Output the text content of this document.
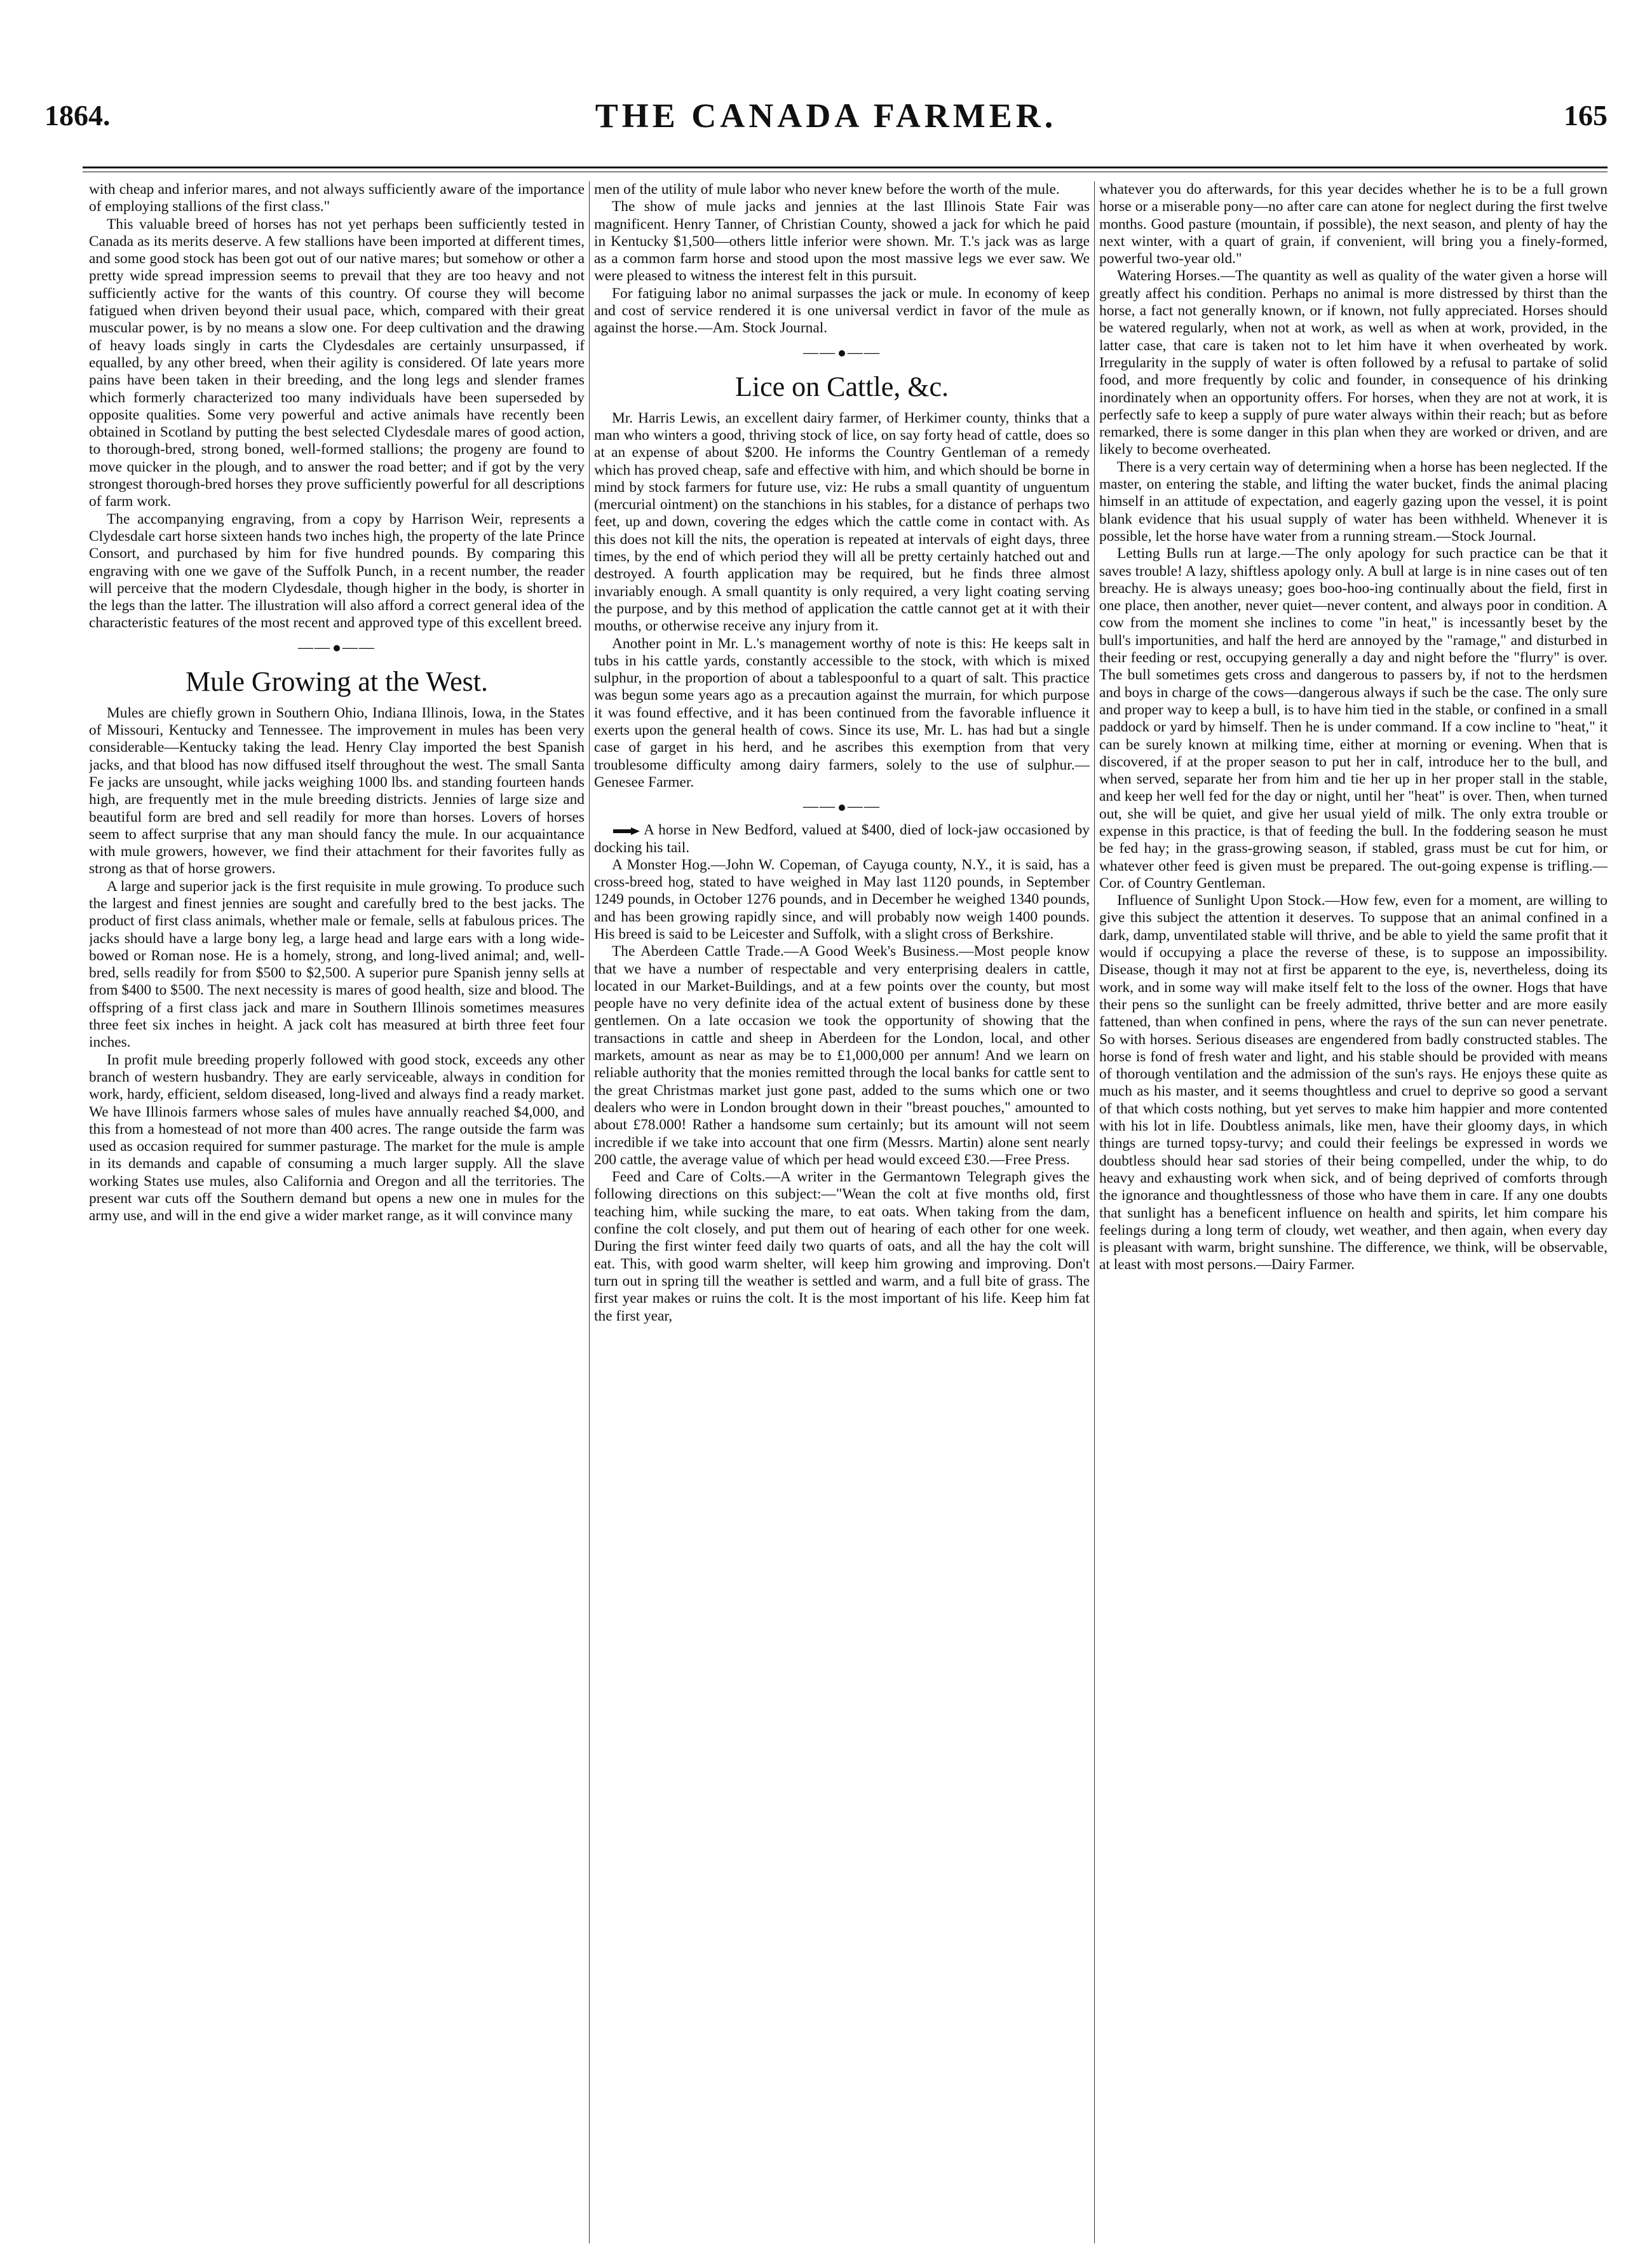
1864.	THE CANADA FARMER.	165

with cheap and inferior mares, and not always sufficiently aware of the importance of employing stallions of the first class."

This valuable breed of horses has not yet perhaps been sufficiently tested in Canada as its merits deserve. A few stallions have been imported at different times, and some good stock has been got out of our native mares; but somehow or other a pretty wide spread impression seems to prevail that they are too heavy and not sufficiently active for the wants of this country. Of course they will become fatigued when driven beyond their usual pace, which, compared with their great muscular power, is by no means a slow one. For deep cultivation and the drawing of heavy loads singly in carts the Clydesdales are certainly unsurpassed, if equalled, by any other breed, when their agility is considered. Of late years more pains have been taken in their breeding, and the long legs and slender frames which formerly characterized too many individuals have been superseded by opposite qualities. Some very powerful and active animals have recently been obtained in Scotland by putting the best selected Clydesdale mares of good action, to thorough-bred, strong boned, well-formed stallions; the progeny are found to move quicker in the plough, and to answer the road better; and if got by the very strongest thorough-bred horses they prove sufficiently powerful for all descriptions of farm work.

The accompanying engraving, from a copy by Harrison Weir, represents a Clydesdale cart horse sixteen hands two inches high, the property of the late Prince Consort, and purchased by him for five hundred pounds. By comparing this engraving with one we gave of the Suffolk Punch, in a recent number, the reader will perceive that the modern Clydesdale, though higher in the body, is shorter in the legs than the latter. The illustration will also afford a correct general idea of the characteristic features of the most recent and approved type of this excellent breed.

—— ——
Mule Growing at the West.

Mules are chiefly grown in Southern Ohio, Indiana Illinois, Iowa, in the States of Missouri, Kentucky and Tennessee. The improvement in mules has been very considerable—Kentucky taking the lead. Henry Clay imported the best Spanish jacks, and that blood has now diffused itself throughout the west. The small Santa Fe jacks are unsought, while jacks weighing 1000 lbs. and standing fourteen hands high, are frequently met in the mule breeding districts. Jennies of large size and beautiful form are bred and sell readily for more than horses. Lovers of horses seem to affect surprise that any man should fancy the mule. In our acquaintance with mule growers, however, we find their attachment for their favorites fully as strong as that of horse growers.

A large and superior jack is the first requisite in mule growing. To produce such the largest and finest jennies are sought and carefully bred to the best jacks. The product of first class animals, whether male or female, sells at fabulous prices. The jacks should have a large bony leg, a large head and large ears with a long wide-bowed or Roman nose. He is a homely, strong, and long-lived animal; and, well-bred, sells readily for from $500 to $2,500. A superior pure Spanish jenny sells at from $400 to $500. The next necessity is mares of good health, size and blood. The offspring of a first class jack and mare in Southern Illinois sometimes measures three feet six inches in height. A jack colt has measured at birth three feet four inches.

In profit mule breeding properly followed with good stock, exceeds any other branch of western husbandry. They are early serviceable, always in condition for work, hardy, efficient, seldom diseased, long-lived and always find a ready market. We have Illinois farmers whose sales of mules have annually reached $4,000, and this from a homestead of not more than 400 acres. The range outside the farm was used as occasion required for summer pasturage. The market for the mule is ample in its demands and capable of consuming a much larger supply. All the slave working States use mules, also California and Oregon and all the territories. The present war cuts off the Southern demand but opens a new one in mules for the army use, and will in the end give a wider market range, as it will convince many

men of the utility of mule labor who never knew before the worth of the mule.

The show of mule jacks and jennies at the last Illinois State Fair was magnificent. Henry Tanner, of Christian County, showed a jack for which he paid in Kentucky $1,500—others little inferior were shown. Mr. T.'s jack was as large as a common farm horse and stood upon the most massive legs we ever saw. We were pleased to witness the interest felt in this pursuit.

For fatiguing labor no animal surpasses the jack or mule. In economy of keep and cost of service rendered it is one universal verdict in favor of the mule as against the horse.—Am. Stock Journal.

—— ——
Lice on Cattle, &c.

Mr. Harris Lewis, an excellent dairy farmer, of Herkimer county, thinks that a man who winters a good, thriving stock of lice, on say forty head of cattle, does so at an expense of about $200. He informs the Country Gentleman of a remedy which has proved cheap, safe and effective with him, and which should be borne in mind by stock farmers for future use, viz: He rubs a small quantity of unguentum (mercurial ointment) on the stanchions in his stables, for a distance of perhaps two feet, up and down, covering the edges which the cattle come in contact with. As this does not kill the nits, the operation is repeated at intervals of eight days, three times, by the end of which period they will all be pretty certainly hatched out and destroyed. A fourth application may be required, but he finds three almost invariably enough. A small quantity is only required, a very light coating serving the purpose, and by this method of application the cattle cannot get at it with their mouths, or otherwise receive any injury from it.

Another point in Mr. L.'s management worthy of note is this: He keeps salt in tubs in his cattle yards, constantly accessible to the stock, with which is mixed sulphur, in the proportion of about a tablespoonful to a quart of salt. This practice was begun some years ago as a precaution against the murrain, for which purpose it was found effective, and it has been continued from the favorable influence it exerts upon the general health of cows. Since its use, Mr. L. has had but a single case of garget in his herd, and he ascribes this exemption from that very troublesome difficulty among dairy farmers, solely to the use of sulphur.—Genesee Farmer.

—— ——

A horse in New Bedford, valued at $400, died of lock-jaw occasioned by docking his tail.

A Monster Hog.—John W. Copeman, of Cayuga county, N.Y., it is said, has a cross-breed hog, stated to have weighed in May last 1120 pounds, in September 1249 pounds, in October 1276 pounds, and in December he weighed 1340 pounds, and has been growing rapidly since, and will probably now weigh 1400 pounds. His breed is said to be Leicester and Suffolk, with a slight cross of Berkshire.

The Aberdeen Cattle Trade.—A Good Week's Business.—Most people know that we have a number of respectable and very enterprising dealers in cattle, located in our Market-Buildings, and at a few points over the county, but most people have no very definite idea of the actual extent of business done by these gentlemen. On a late occasion we took the opportunity of showing that the transactions in cattle and sheep in Aberdeen for the London, local, and other markets, amount as near as may be to £1,000,000 per annum! And we learn on reliable authority that the monies remitted through the local banks for cattle sent to the great Christmas market just gone past, added to the sums which one or two dealers who were in London brought down in their "breast pouches," amounted to about £78.000! Rather a handsome sum certainly; but its amount will not seem incredible if we take into account that one firm (Messrs. Martin) alone sent nearly 200 cattle, the average value of which per head would exceed £30.—Free Press.

Feed and Care of Colts.—A writer in the Germantown Telegraph gives the following directions on this subject:—"Wean the colt at five months old, first teaching him, while sucking the mare, to eat oats. When taking from the dam, confine the colt closely, and put them out of hearing of each other for one week. During the first winter feed daily two quarts of oats, and all the hay the colt will eat. This, with good warm shelter, will keep him growing and improving. Don't turn out in spring till the weather is settled and warm, and a full bite of grass. The first year makes or ruins the colt. It is the most important of his life. Keep him fat the first year,

whatever you do afterwards, for this year decides whether he is to be a full grown horse or a miserable pony—no after care can atone for neglect during the first twelve months. Good pasture (mountain, if possible), the next season, and plenty of hay the next winter, with a quart of grain, if convenient, will bring you a finely-formed, powerful two-year old."

Watering Horses.—The quantity as well as quality of the water given a horse will greatly affect his condition. Perhaps no animal is more distressed by thirst than the horse, a fact not generally known, or if known, not fully appreciated. Horses should be watered regularly, when not at work, as well as when at work, provided, in the latter case, that care is taken not to let him have it when overheated by work. Irregularity in the supply of water is often followed by a refusal to partake of solid food, and more frequently by colic and founder, in consequence of his drinking inordinately when an opportunity offers. For horses, when they are not at work, it is perfectly safe to keep a supply of pure water always within their reach; but as before remarked, there is some danger in this plan when they are worked or driven, and are likely to become overheated.

There is a very certain way of determining when a horse has been neglected. If the master, on entering the stable, and lifting the water bucket, finds the animal placing himself in an attitude of expectation, and eagerly gazing upon the vessel, it is point blank evidence that his usual supply of water has been withheld. Whenever it is possible, let the horse have water from a running stream.—Stock Journal.

Letting Bulls run at large.—The only apology for such practice can be that it saves trouble! A lazy, shiftless apology only. A bull at large is in nine cases out of ten breachy. He is always uneasy; goes boo-hoo-ing continually about the field, first in one place, then another, never quiet—never content, and always poor in condition. A cow from the moment she inclines to come "in heat," is incessantly beset by the bull's importunities, and half the herd are annoyed by the "ramage," and disturbed in their feeding or rest, occupying generally a day and night before the "flurry" is over. The bull sometimes gets cross and dangerous to passers by, if not to the herdsmen and boys in charge of the cows—dangerous always if such be the case. The only sure and proper way to keep a bull, is to have him tied in the stable, or confined in a small paddock or yard by himself. Then he is under command. If a cow incline to "heat," it can be surely known at milking time, either at morning or evening. When that is discovered, if at the proper season to put her in calf, introduce her to the bull, and when served, separate her from him and tie her up in her proper stall in the stable, and keep her well fed for the day or night, until her "heat" is over. Then, when turned out, she will be quiet, and give her usual yield of milk. The only extra trouble or expense in this practice, is that of feeding the bull. In the foddering season he must be fed hay; in the grass-growing season, if stabled, grass must be cut for him, or whatever other feed is given must be prepared. The out-going expense is trifling.—Cor. of Country Gentleman.

Influence of Sunlight Upon Stock.—How few, even for a moment, are willing to give this subject the attention it deserves. To suppose that an animal confined in a dark, damp, unventilated stable will thrive, and be able to yield the same profit that it would if occupying a place the reverse of these, is to suppose an impossibility. Disease, though it may not at first be apparent to the eye, is, nevertheless, doing its work, and in some way will make itself felt to the loss of the owner. Hogs that have their pens so the sunlight can be freely admitted, thrive better and are more easily fattened, than when confined in pens, where the rays of the sun can never penetrate. So with horses. Serious diseases are engendered from badly constructed stables. The horse is fond of fresh water and light, and his stable should be provided with means of thorough ventilation and the admission of the sun's rays. He enjoys these quite as much as his master, and it seems thoughtless and cruel to deprive so good a servant of that which costs nothing, but yet serves to make him happier and more contented with his lot in life. Doubtless animals, like men, have their gloomy days, in which things are turned topsy-turvy; and could their feelings be expressed in words we doubtless should hear sad stories of their being compelled, under the whip, to do heavy and exhausting work when sick, and of being deprived of comforts through the ignorance and thoughtlessness of those who have them in care. If any one doubts that sunlight has a beneficent influence on health and spirits, let him compare his feelings during a long term of cloudy, wet weather, and then again, when every day is pleasant with warm, bright sunshine. The difference, we think, will be observable, at least with most persons.—Dairy Farmer.
